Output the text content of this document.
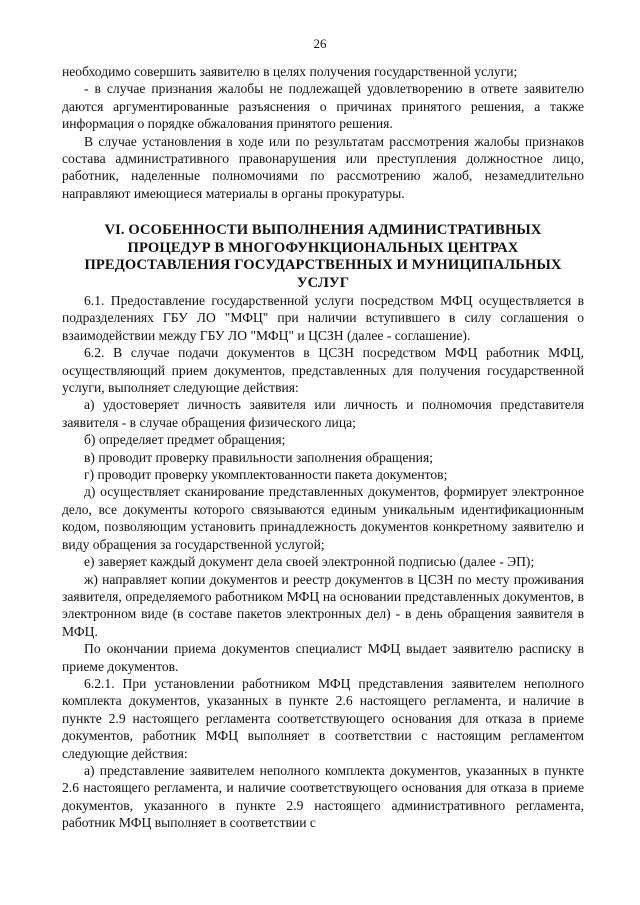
26

необходимо совершить заявителю в целях получения государственной услуги;

- в случае признания жалобы не подлежащей удовлетворению в ответе заявителю даются аргументированные разъяснения о причинах принятого решения, а также информация о порядке обжалования принятого решения.

В случае установления в ходе или по результатам рассмотрения жалобы признаков состава административного правонарушения или преступления должностное лицо, работник, наделенные полномочиями по рассмотрению жалоб, незамедлительно направляют имеющиеся материалы в органы прокуратуры.

VI. ОСОБЕННОСТИ ВЫПОЛНЕНИЯ АДМИНИСТРАТИВНЫХ ПРОЦЕДУР В МНОГОФУНКЦИОНАЛЬНЫХ ЦЕНТРАХ ПРЕДОСТАВЛЕНИЯ ГОСУДАРСТВЕННЫХ И МУНИЦИПАЛЬНЫХ УСЛУГ

6.1. Предоставление государственной услуги посредством МФЦ осуществляется в подразделениях ГБУ ЛО "МФЦ" при наличии вступившего в силу соглашения о взаимодействии между ГБУ ЛО "МФЦ" и ЦСЗН (далее - соглашение).

6.2. В случае подачи документов в ЦСЗН посредством МФЦ работник МФЦ, осуществляющий прием документов, представленных для получения государственной услуги, выполняет следующие действия:

а) удостоверяет личность заявителя или личность и полномочия представителя заявителя - в случае обращения физического лица;

б) определяет предмет обращения;

в) проводит проверку правильности заполнения обращения;

г) проводит проверку укомплектованности пакета документов;

д) осуществляет сканирование представленных документов, формирует электронное дело, все документы которого связываются единым уникальным идентификационным кодом, позволяющим установить принадлежность документов конкретному заявителю и виду обращения за государственной услугой;

е) заверяет каждый документ дела своей электронной подписью (далее - ЭП);

ж) направляет копии документов и реестр документов в ЦСЗН по месту проживания заявителя, определяемого работником МФЦ на основании представленных документов, в электронном виде (в составе пакетов электронных дел) - в день обращения заявителя в МФЦ.

По окончании приема документов специалист МФЦ выдает заявителю расписку в приеме документов.

6.2.1. При установлении работником МФЦ представления заявителем неполного комплекта документов, указанных в пункте 2.6 настоящего регламента, и наличие в пункте 2.9 настоящего регламента соответствующего основания для отказа в приеме документов, работник МФЦ выполняет в соответствии с настоящим регламентом следующие действия:

а) представление заявителем неполного комплекта документов, указанных в пункте 2.6 настоящего регламента, и наличие соответствующего основания для отказа в приеме документов, указанного в пункте 2.9 настоящего административного регламента, работник МФЦ выполняет в соответствии с
